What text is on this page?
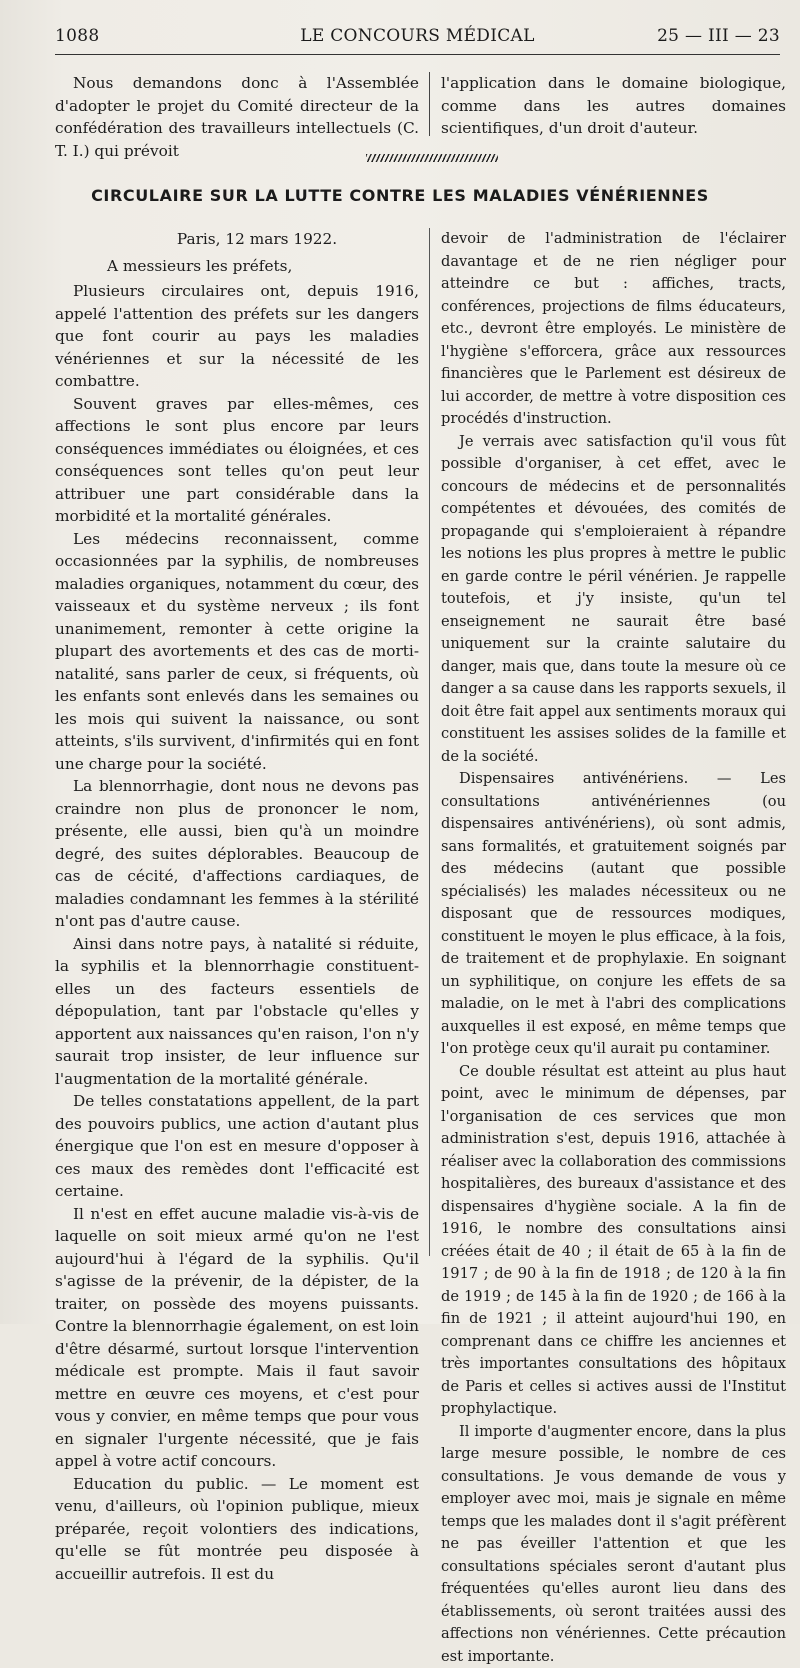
1088	LE CONCOURS MÉDICAL	25 — III — 23

Nous demandons donc à l'Assemblée d'adopter le projet du Comité directeur de la confédération des travailleurs intellectuels (C. T. I.) qui prévoit

l'application dans le domaine biologique, comme dans les autres domaines scientifiques, d'un droit d'auteur.

CIRCULAIRE SUR LA LUTTE CONTRE LES MALADIES VÉNÉRIENNES

Paris, 12 mars 1922.

A messieurs les préfets,

Plusieurs circulaires ont, depuis 1916, appelé l'attention des préfets sur les dangers que font courir au pays les maladies vénériennes et sur la nécessité de les combattre.

Souvent graves par elles-mêmes, ces affections le sont plus encore par leurs conséquences immédiates ou éloignées, et ces conséquences sont telles qu'on peut leur attribuer une part considérable dans la morbidité et la mortalité générales.

Les médecins reconnaissent, comme occasionnées par la syphilis, de nombreuses maladies organiques, notamment du cœur, des vaisseaux et du système nerveux ; ils font unanimement, remonter à cette origine la plupart des avortements et des cas de morti-natalité, sans parler de ceux, si fréquents, où les enfants sont enlevés dans les semaines ou les mois qui suivent la naissance, ou sont atteints, s'ils survivent, d'infirmités qui en font une charge pour la société.

La blennorrhagie, dont nous ne devons pas craindre non plus de prononcer le nom, présente, elle aussi, bien qu'à un moindre degré, des suites déplorables. Beaucoup de cas de cécité, d'affections cardiaques, de maladies condamnant les femmes à la stérilité n'ont pas d'autre cause.

Ainsi dans notre pays, à natalité si réduite, la syphilis et la blennorrhagie constituent-elles un des facteurs essentiels de dépopulation, tant par l'obstacle qu'elles y apportent aux naissances qu'en raison, l'on n'y saurait trop insister, de leur influence sur l'augmentation de la mortalité générale.

De telles constatations appellent, de la part des pouvoirs publics, une action d'autant plus énergique que l'on est en mesure d'opposer à ces maux des remèdes dont l'efficacité est certaine.

Il n'est en effet aucune maladie vis-à-vis de laquelle on soit mieux armé qu'on ne l'est aujourd'hui à l'égard de la syphilis. Qu'il s'agisse de la prévenir, de la dépister, de la traiter, on possède des moyens puissants. Contre la blennorrhagie également, on est loin d'être désarmé, surtout lorsque l'intervention médicale est prompte. Mais il faut savoir mettre en œuvre ces moyens, et c'est pour vous y convier, en même temps que pour vous en signaler l'urgente nécessité, que je fais appel à votre actif concours.

Education du public. — Le moment est venu, d'ailleurs, où l'opinion publique, mieux préparée, reçoit volontiers des indications, qu'elle se fût montrée peu disposée à accueillir autrefois. Il est du

devoir de l'administration de l'éclairer davantage et de ne rien négliger pour atteindre ce but : affiches, tracts, conférences, projections de films éducateurs, etc., devront être employés. Le ministère de l'hygiène s'efforcera, grâce aux ressources financières que le Parlement est désireux de lui accorder, de mettre à votre disposition ces procédés d'instruction.

Je verrais avec satisfaction qu'il vous fût possible d'organiser, à cet effet, avec le concours de médecins et de personnalités compétentes et dévouées, des comités de propagande qui s'emploieraient à répandre les notions les plus propres à mettre le public en garde contre le péril vénérien. Je rappelle toutefois, et j'y insiste, qu'un tel enseignement ne saurait être basé uniquement sur la crainte salutaire du danger, mais que, dans toute la mesure où ce danger a sa cause dans les rapports sexuels, il doit être fait appel aux sentiments moraux qui constituent les assises solides de la famille et de la société.

Dispensaires antivénériens. — Les consultations antivénériennes (ou dispensaires antivénériens), où sont admis, sans formalités, et gratuitement soignés par des médecins (autant que possible spécialisés) les malades nécessiteux ou ne disposant que de ressources modiques, constituent le moyen le plus efficace, à la fois, de traitement et de prophylaxie. En soignant un syphilitique, on conjure les effets de sa maladie, on le met à l'abri des complications auxquelles il est exposé, en même temps que l'on protège ceux qu'il aurait pu contaminer.

Ce double résultat est atteint au plus haut point, avec le minimum de dépenses, par l'organisation de ces services que mon administration s'est, depuis 1916, attachée à réaliser avec la collaboration des commissions hospitalières, des bureaux d'assistance et des dispensaires d'hygiène sociale. A la fin de 1916, le nombre des consultations ainsi créées était de 40 ; il était de 65 à la fin de 1917 ; de 90 à la fin de 1918 ; de 120 à la fin de 1919 ; de 145 à la fin de 1920 ; de 166 à la fin de 1921 ; il atteint aujourd'hui 190, en comprenant dans ce chiffre les anciennes et très importantes consultations des hôpitaux de Paris et celles si actives aussi de l'Institut prophylactique.

Il importe d'augmenter encore, dans la plus large mesure possible, le nombre de ces consultations. Je vous demande de vous y employer avec moi, mais je signale en même temps que les malades dont il s'agit préfèrent ne pas éveiller l'attention et que les consultations spéciales seront d'autant plus fréquentées qu'elles auront lieu dans des établissements, où seront traitées aussi des affections non vénériennes. Cette précaution est importante.
